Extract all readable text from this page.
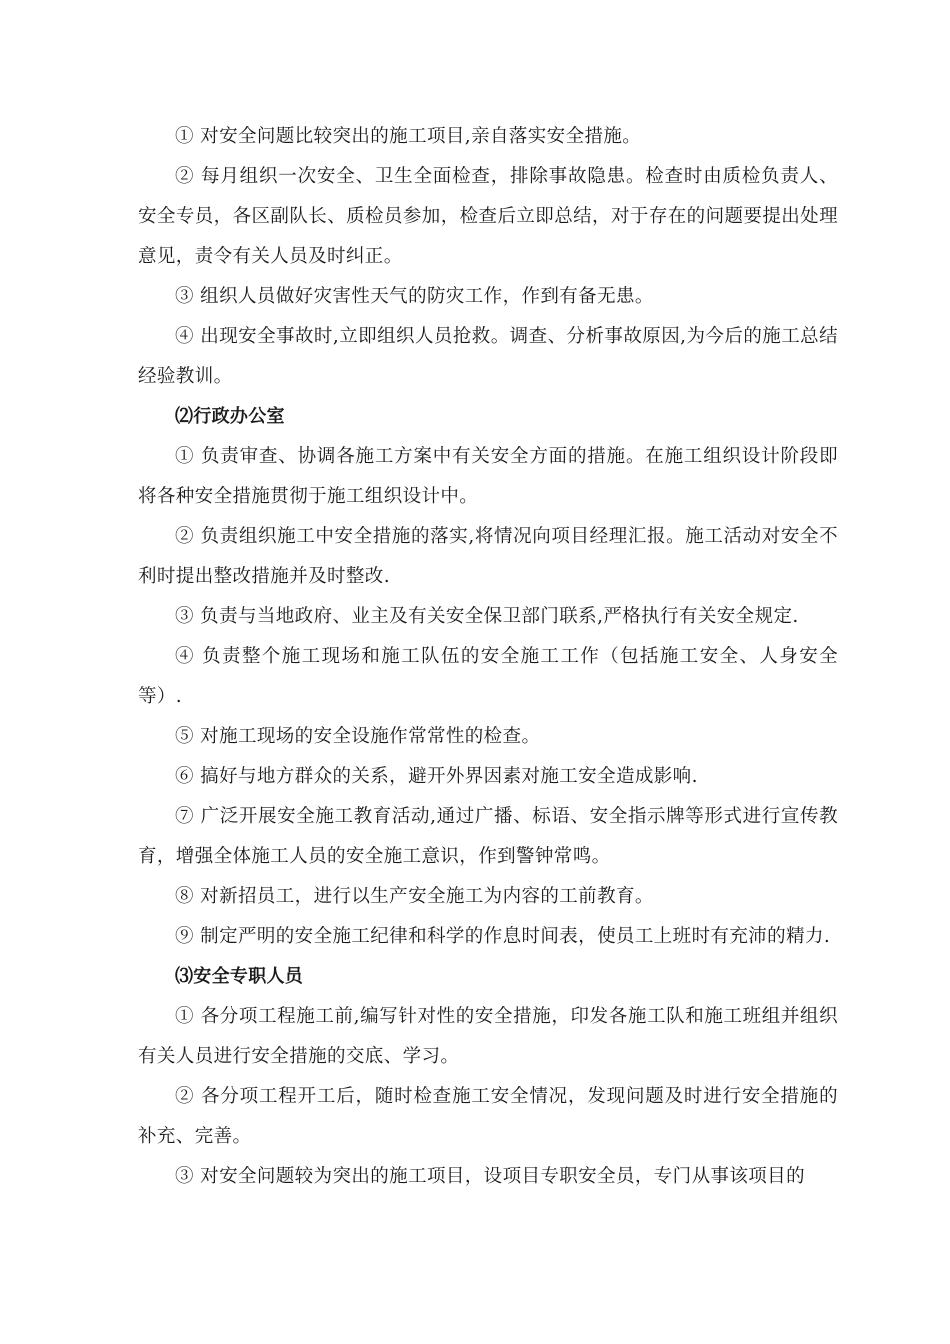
① 对安全问题比较突出的施工项目,亲自落实安全措施。

② 每月组织一次安全、卫生全面检查，排除事故隐患。检查时由质检负责人、安全专员，各区副队长、质检员参加，检查后立即总结，对于存在的问题要提出处理意见，责令有关人员及时纠正。

③ 组织人员做好灾害性天气的防灾工作，作到有备无患。

④ 出现安全事故时,立即组织人员抢救。调查、分析事故原因,为今后的施工总结经验教训。

⑵行政办公室

① 负责审查、协调各施工方案中有关安全方面的措施。在施工组织设计阶段即将各种安全措施贯彻于施工组织设计中。

② 负责组织施工中安全措施的落实,将情况向项目经理汇报。施工活动对安全不利时提出整改措施并及时整改.

③ 负责与当地政府、业主及有关安全保卫部门联系,严格执行有关安全规定.

④ 负责整个施工现场和施工队伍的安全施工工作（包括施工安全、人身安全等）.

⑤ 对施工现场的安全设施作常常性的检查。

⑥ 搞好与地方群众的关系，避开外界因素对施工安全造成影响.

⑦ 广泛开展安全施工教育活动,通过广播、标语、安全指示牌等形式进行宣传教育，增强全体施工人员的安全施工意识，作到警钟常鸣。

⑧ 对新招员工，进行以生产安全施工为内容的工前教育。

⑨ 制定严明的安全施工纪律和科学的作息时间表，使员工上班时有充沛的精力.

⑶安全专职人员

① 各分项工程施工前,编写针对性的安全措施，印发各施工队和施工班组并组织有关人员进行安全措施的交底、学习。

② 各分项工程开工后，随时检查施工安全情况，发现问题及时进行安全措施的补充、完善。

③ 对安全问题较为突出的施工项目，设项目专职安全员，专门从事该项目的
